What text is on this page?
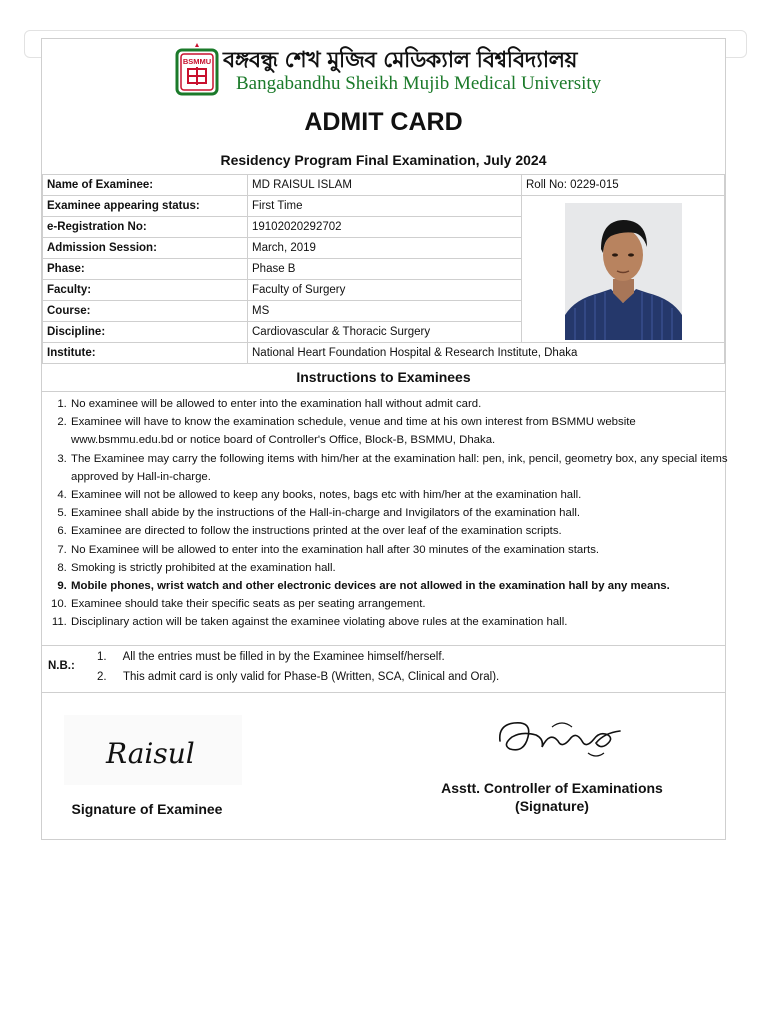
BSMMU বঙ্গবন্ধু শেখ মুজিব মেডিক্যাল বিশ্ববিদ্যালয়
Bangabandhu Sheikh Mujib Medical University
ADMIT CARD
Residency Program Final Examination, July 2024
Name of Examinee:	MD RAISUL ISLAM	Roll No: 0229-015
Examinee appearing status:	First Time	

e-Registration No:	19102020292702	
Admission Session:	March, 2019	
Phase:	Phase B	
Faculty:	Faculty of Surgery	
Course:	MS	
Discipline:	Cardiovascular & Thoracic Surgery	
Institute:	National Heart Foundation Hospital & Research Institute, Dhaka	
Instructions to Examinees
1. No examinee will be allowed to enter into the examination hall without admit card.
2. Examinee will have to know the examination schedule, venue and time at his own interest from BSMMU website www.bsmmu.edu.bd or notice board of Controller's Office, Block-B, BSMMU, Dhaka.
3. The Examinee may carry the following items with him/her at the examination hall: pen, ink, pencil, geometry box, any special items approved by Hall-in-charge.
4. Examinee will not be allowed to keep any books, notes, bags etc with him/her at the examination hall.
5. Examinee shall abide by the instructions of the Hall-in-charge and Invigilators of the examination hall.
6. Examinee are directed to follow the instructions printed at the over leaf of the examination scripts.
7. No Examinee will be allowed to enter into the examination hall after 30 minutes of the examination starts.
8. Smoking is strictly prohibited at the examination hall.
9. Mobile phones, wrist watch and other electronic devices are not allowed in the examination hall by any means.
10. Examinee should take their specific seats as per seating arrangement.
11. Disciplinary action will be taken against the examinee violating above rules at the examination hall.
N.B.:
1. All the entries must be filled in by the Examinee himself/herself.
2. This admit card is only valid for Phase-B (Written, SCA, Clinical and Oral).
Raisul
Signature of Examinee
Asstt. Controller of Examinations
(Signature)
